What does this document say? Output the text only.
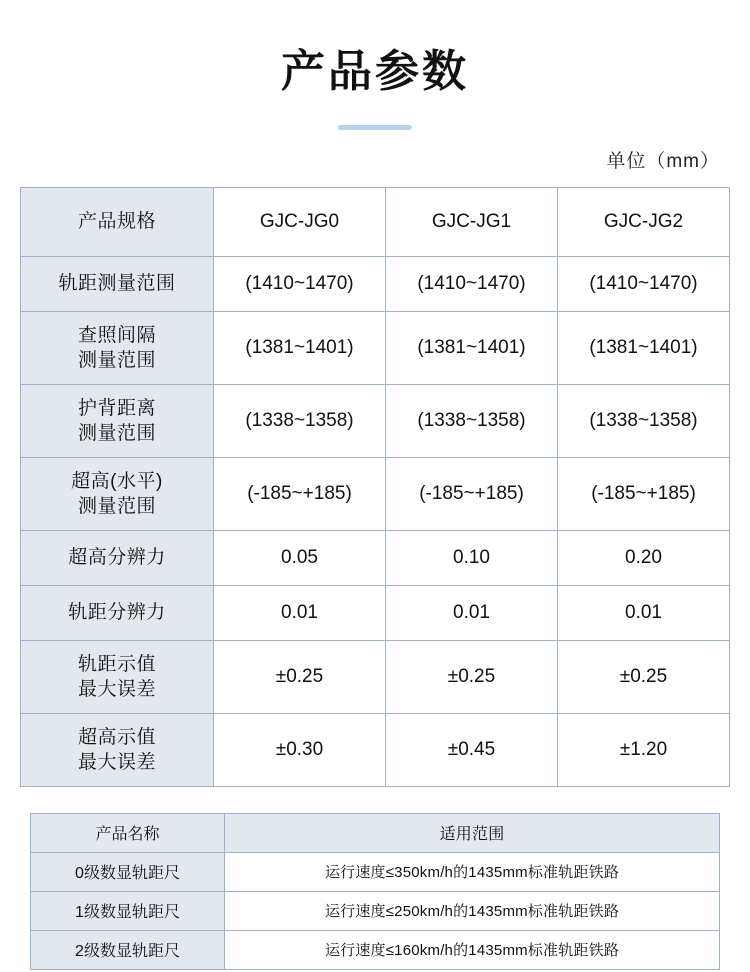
产品参数
单位（mm）
产品规格	GJC-JG0	GJC-JG1	GJC-JG2
轨距测量范围	(1410~1470)	(1410~1470)	(1410~1470)

查照间隔
测量范围	(1381~1401)	(1381~1401)	(1381~1401)

护背距离
测量范围	(1338~1358)	(1338~1358)	(1338~1358)

超高(水平)
测量范围	(-185~+185)	(-185~+185)	(-185~+185)
超高分辨力	0.05	0.10	0.20
轨距分辨力	0.01	0.01	0.01

轨距示值
最大误差	±0.25	±0.25	±0.25

超高示值
最大误差	±0.30	±0.45	±1.20
产品名称	适用范围
0级数显轨距尺	运行速度≤350km/h的1435mm标准轨距铁路
1级数显轨距尺	运行速度≤250km/h的1435mm标准轨距铁路
2级数显轨距尺	运行速度≤160km/h的1435mm标准轨距铁路
